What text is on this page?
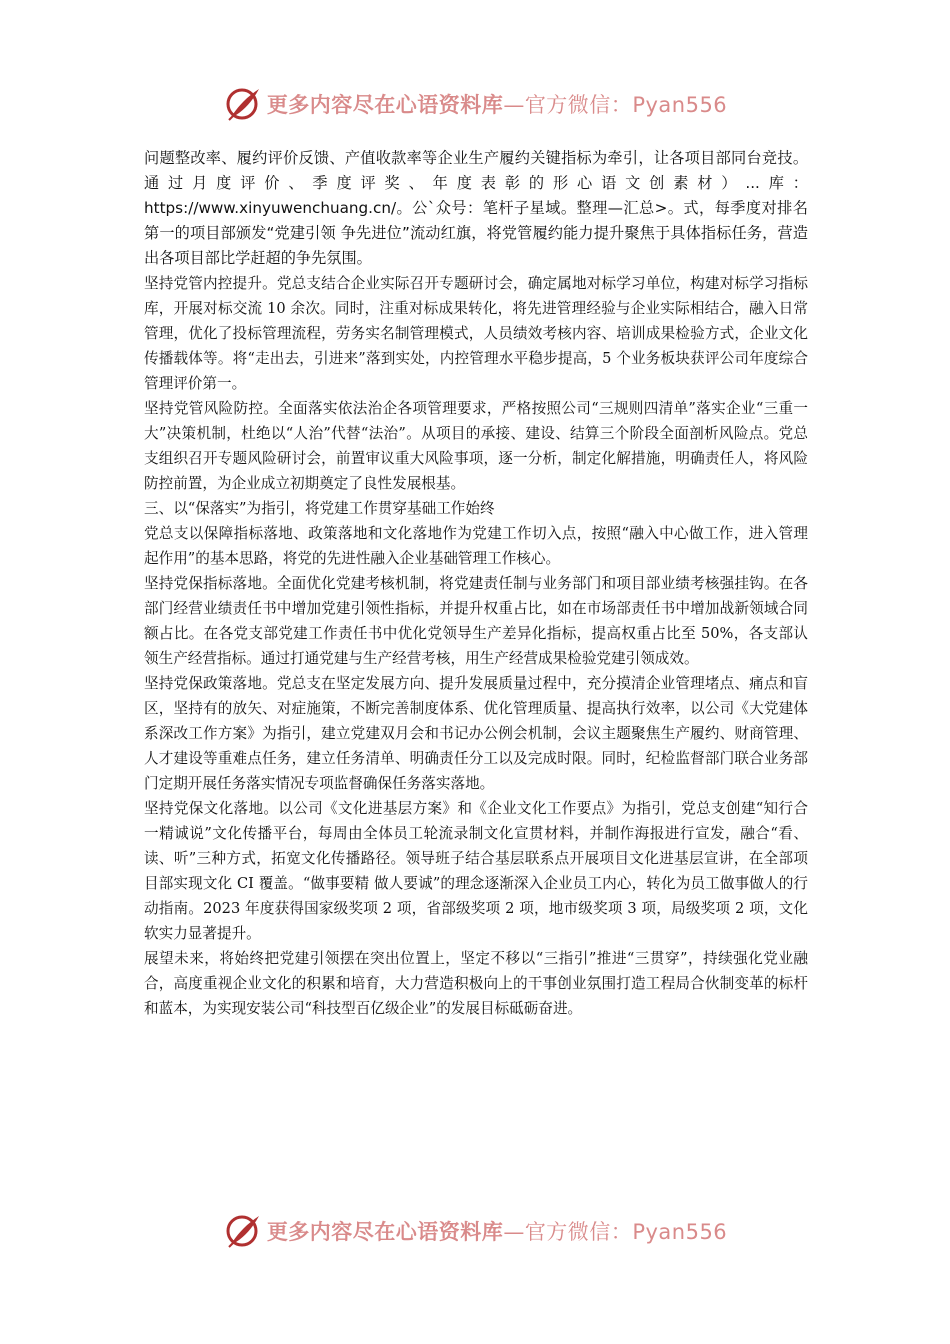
更多内容尽在心语资料库—官方微信：Pyan556

问题整改率、履约评价反馈、产值收款率等企业生产履约关键指标为牵引，让各项目部同台竞技。通过月度评价、季度评奖、年度表彰的形心语文创素材）...库：https://www.xinyuwenchuang.cn/。公`众号：笔杆子星域。整理—汇总>。式，每季度对排名第一的项目部颁发“党建引领 争先进位”流动红旗，将党管履约能力提升聚焦于具体指标任务，营造出各项目部比学赶超的争先氛围。

坚持党管内控提升。党总支结合企业实际召开专题研讨会，确定属地对标学习单位，构建对标学习指标库，开展对标交流 10 余次。同时，注重对标成果转化，将先进管理经验与企业实际相结合，融入日常管理，优化了投标管理流程，劳务实名制管理模式，人员绩效考核内容、培训成果检验方式，企业文化传播载体等。将“走出去，引进来”落到实处，内控管理水平稳步提高，5 个业务板块获评公司年度综合管理评价第一。

坚持党管风险防控。全面落实依法治企各项管理要求，严格按照公司“三规则四清单”落实企业“三重一大”决策机制，杜绝以“人治”代替“法治”。从项目的承接、建设、结算三个阶段全面剖析风险点。党总支组织召开专题风险研讨会，前置审议重大风险事项，逐一分析，制定化解措施，明确责任人，将风险防控前置，为企业成立初期奠定了良性发展根基。

三、以“保落实”为指引，将党建工作贯穿基础工作始终

党总支以保障指标落地、政策落地和文化落地作为党建工作切入点，按照“融入中心做工作，进入管理起作用”的基本思路，将党的先进性融入企业基础管理工作核心。

坚持党保指标落地。全面优化党建考核机制，将党建责任制与业务部门和项目部业绩考核强挂钩。在各部门经营业绩责任书中增加党建引领性指标，并提升权重占比，如在市场部责任书中增加战新领域合同额占比。在各党支部党建工作责任书中优化党领导生产差异化指标，提高权重占比至 50%，各支部认领生产经营指标。通过打通党建与生产经营考核，用生产经营成果检验党建引领成效。

坚持党保政策落地。党总支在坚定发展方向、提升发展质量过程中，充分摸清企业管理堵点、痛点和盲区，坚持有的放矢、对症施策，不断完善制度体系、优化管理质量、提高执行效率，以公司《大党建体系深改工作方案》为指引，建立党建双月会和书记办公例会机制，会议主题聚焦生产履约、财商管理、人才建设等重难点任务，建立任务清单、明确责任分工以及完成时限。同时，纪检监督部门联合业务部门定期开展任务落实情况专项监督确保任务落实落地。

坚持党保文化落地。以公司《文化进基层方案》和《企业文化工作要点》为指引，党总支创建“知行合一精诚说”文化传播平台，每周由全体员工轮流录制文化宣贯材料，并制作海报进行宣发，融合“看、读、听”三种方式，拓宽文化传播路径。领导班子结合基层联系点开展项目文化进基层宣讲，在全部项目部实现文化 CI 覆盖。“做事要精 做人要诚”的理念逐渐深入企业员工内心，转化为员工做事做人的行动指南。2023 年度获得国家级奖项 2 项，省部级奖项 2 项，地市级奖项 3 项，局级奖项 2 项，文化软实力显著提升。

展望未来，将始终把党建引领摆在突出位置上，坚定不移以“三指引”推进“三贯穿”，持续强化党业融合，高度重视企业文化的积累和培育，大力营造积极向上的干事创业氛围打造工程局合伙制变革的标杆和蓝本，为实现安装公司“科技型百亿级企业”的发展目标砥砺奋进。

更多内容尽在心语资料库—官方微信：Pyan556
